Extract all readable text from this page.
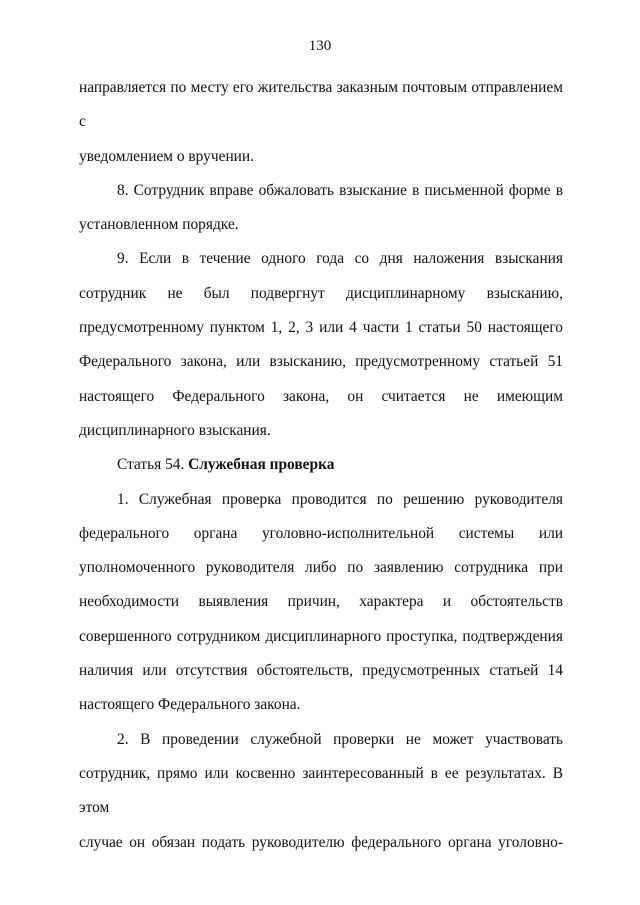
130
направляется по месту его жительства заказным почтовым отправлением с
уведомлением о вручении.
8. Сотрудник вправе обжаловать взыскание в письменной форме в
установленном порядке.
9. Если в течение одного года со дня наложения взыскания
сотрудник не был подвергнут дисциплинарному взысканию,
предусмотренному пунктом 1, 2, 3 или 4 части 1 статьи 50 настоящего
Федерального закона, или взысканию, предусмотренному статьей 51
настоящего Федерального закона, он считается не имеющим
дисциплинарного взыскания.
Статья 54. Служебная проверка
1. Служебная проверка проводится по решению руководителя
федерального органа уголовно-исполнительной системы или
уполномоченного руководителя либо по заявлению сотрудника при
необходимости выявления причин, характера и обстоятельств
совершенного сотрудником дисциплинарного проступка, подтверждения
наличия или отсутствия обстоятельств, предусмотренных статьей 14
настоящего Федерального закона.
2. В проведении служебной проверки не может участвовать
сотрудник, прямо или косвенно заинтересованный в ее результатах. В этом
случае он обязан подать руководителю федерального органа уголовно-
